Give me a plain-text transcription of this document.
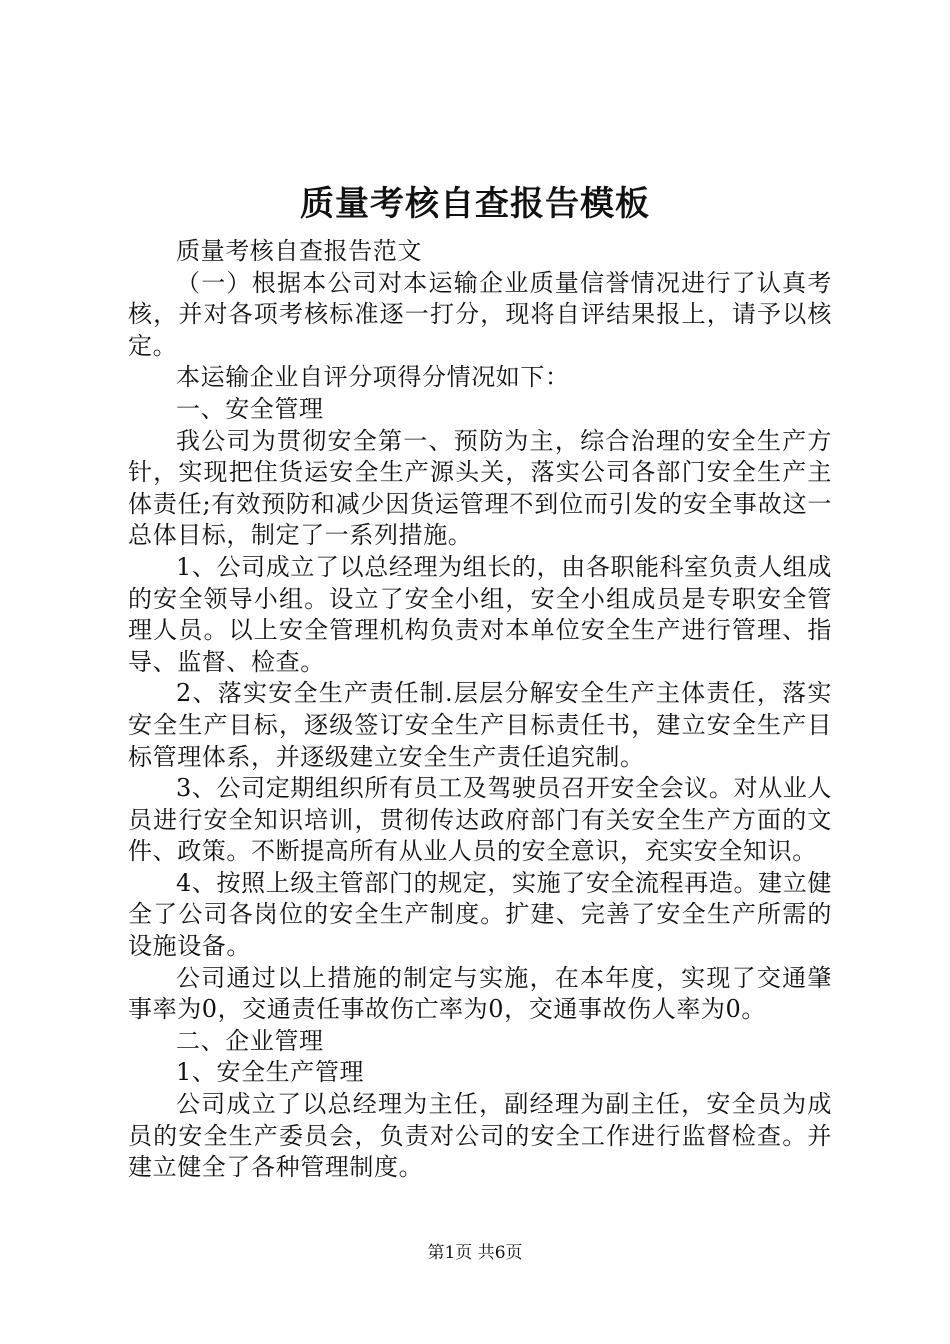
质量考核自查报告模板

质量考核自查报告范文

（一）根据本公司对本运输企业质量信誉情况进行了认真考核，并对各项考核标准逐一打分，现将自评结果报上，请予以核定。

本运输企业自评分项得分情况如下：

一、安全管理

我公司为贯彻安全第一、预防为主，综合治理的安全生产方针，实现把住货运安全生产源头关，落实公司各部门安全生产主体责任;有效预防和减少因货运管理不到位而引发的安全事故这一总体目标，制定了一系列措施。

1、公司成立了以总经理为组长的，由各职能科室负责人组成的安全领导小组。设立了安全小组，安全小组成员是专职安全管理人员。以上安全管理机构负责对本单位安全生产进行管理、指导、监督、检查。

2、落实安全生产责任制.层层分解安全生产主体责任，落实安全生产目标，逐级签订安全生产目标责任书，建立安全生产目标管理体系，并逐级建立安全生产责任追究制。

3、公司定期组织所有员工及驾驶员召开安全会议。对从业人员进行安全知识培训，贯彻传达政府部门有关安全生产方面的文件、政策。不断提高所有从业人员的安全意识，充实安全知识。

4、按照上级主管部门的规定，实施了安全流程再造。建立健全了公司各岗位的安全生产制度。扩建、完善了安全生产所需的设施设备。

公司通过以上措施的制定与实施，在本年度，实现了交通肇事率为0，交通责任事故伤亡率为0，交通事故伤人率为0。

二、企业管理

1、安全生产管理

公司成立了以总经理为主任，副经理为副主任，安全员为成员的安全生产委员会，负责对公司的安全工作进行监督检查。并建立健全了各种管理制度。

第1页 共6页
